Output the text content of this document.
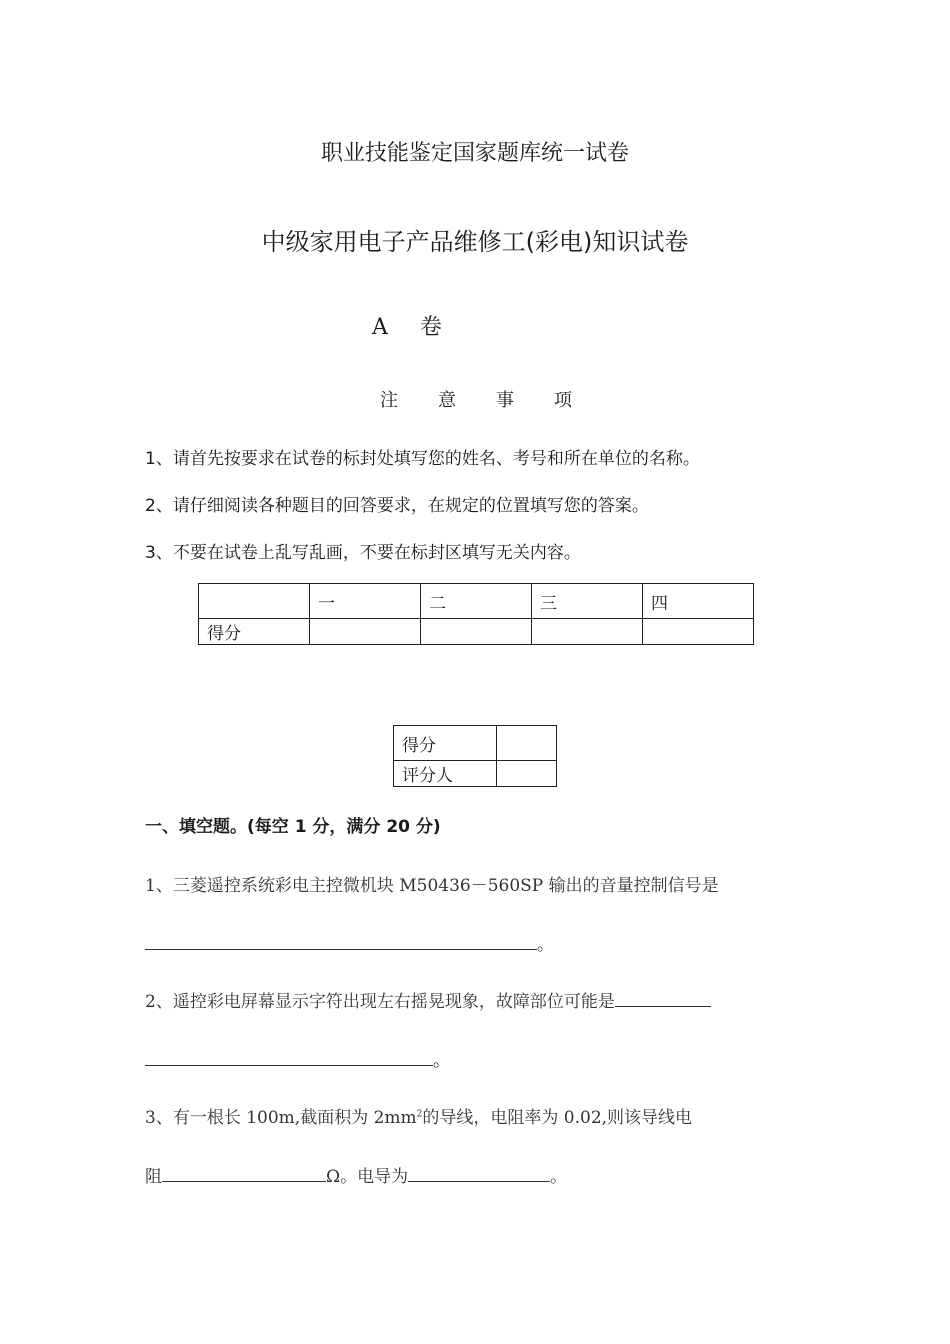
职业技能鉴定国家题库统一试卷
中级家用电子产品维修工(彩电)知识试卷
A 卷
注 意 事 项
1、请首先按要求在试卷的标封处填写您的姓名、考号和所在单位的名称。
2、请仔细阅读各种题目的回答要求，在规定的位置填写您的答案。
3、不要在试卷上乱写乱画，不要在标封区填写无关内容。
	一	二	三	四
得分				
得分	
评分人	
一、填空题。(每空 1 分，满分 20 分)
1、三菱遥控系统彩电主控微机块 M50436－560SP 输出的音量控制信号是
。
2、遥控彩电屏幕显示字符出现左右摇晃现象，故障部位可能是
。
3、有一根长 100m,截面积为 $2mm^2$的导线，电阻率为 0.02,则该导线电
阻	Ω。电导为	。
